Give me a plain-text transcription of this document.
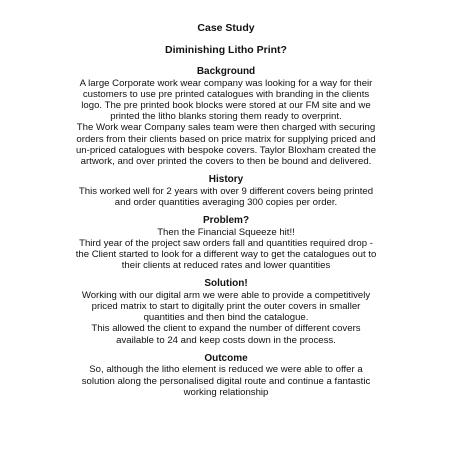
Case Study
Diminishing Litho Print?
Background
A large Corporate work wear company was looking for a way for their
customers to use pre printed catalogues with branding in the clients
logo. The pre printed book blocks were stored at our FM site and we
printed the litho blanks storing them ready to overprint.
The Work wear Company sales team were then charged with securing
orders from their clients based on price matrix for supplying priced and
un-priced catalogues with bespoke covers. Taylor Bloxham created the
artwork, and over printed the covers to then be bound and delivered.
History
This worked well for 2 years with over 9 different covers being printed
and order quantities averaging 300 copies per order.
Problem?
Then the Financial Squeeze hit!!
Third year of the project saw orders fall and quantities required drop -
the Client started to look for a different way to get the catalogues out to
their clients at reduced rates and lower quantities
Solution!
Working with our digital arm we were able to provide a competitively
priced matrix to start to digitally print the outer covers in smaller
quantities and then bind the catalogue.
This allowed the client to expand the number of different covers
available to 24 and keep costs down in the process.
Outcome
So, although the litho element is reduced we were able to offer a
solution along the personalised digital route and continue a fantastic
working relationship
